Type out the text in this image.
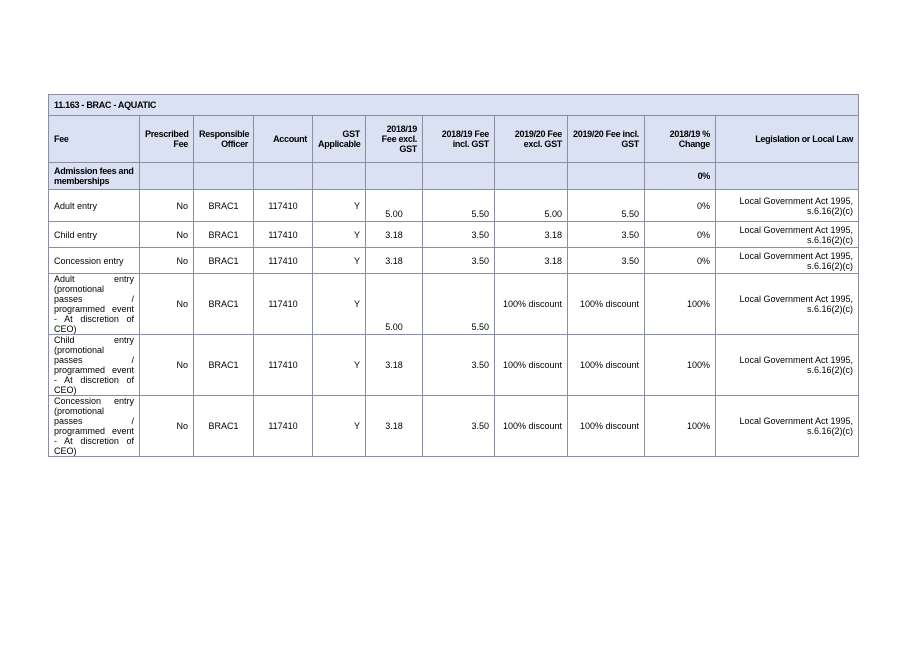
11.163 - BRAC - AQUATIC										
Fee	Prescribed Fee	Responsible Officer	Account	GST Applicable	2018/19 Fee excl. GST	2018/19 Fee incl. GST	2019/20 Fee excl. GST	2019/20 Fee incl. GST	2018/19 % Change	Legislation or Local Law
Admission fees and memberships									0%	
Adult entry	No	BRAC1	117410	Y	5.00	5.50	5.00	5.50	0%	Local Government Act 1995, s.6.16(2)(c)
Child entry	No	BRAC1	117410	Y	3.18	3.50	3.18	3.50	0%	Local Government Act 1995, s.6.16(2)(c)
Concession entry	No	BRAC1	117410	Y	3.18	3.50	3.18	3.50	0%	Local Government Act 1995, s.6.16(2)(c)
Adult entry (promotional passes / programmed event - At discretion of CEO)	No	BRAC1	117410	Y	5.00	5.50	100% discount	100% discount	100%	Local Government Act 1995, s.6.16(2)(c)
Child entry (promotional passes / programmed event - At discretion of CEO)	No	BRAC1	117410	Y	3.18	3.50	100% discount	100% discount	100%	Local Government Act 1995, s.6.16(2)(c)
Concession entry (promotional passes / programmed event - At discretion of CEO)	No	BRAC1	117410	Y	3.18	3.50	100% discount	100% discount	100%	Local Government Act 1995, s.6.16(2)(c)
